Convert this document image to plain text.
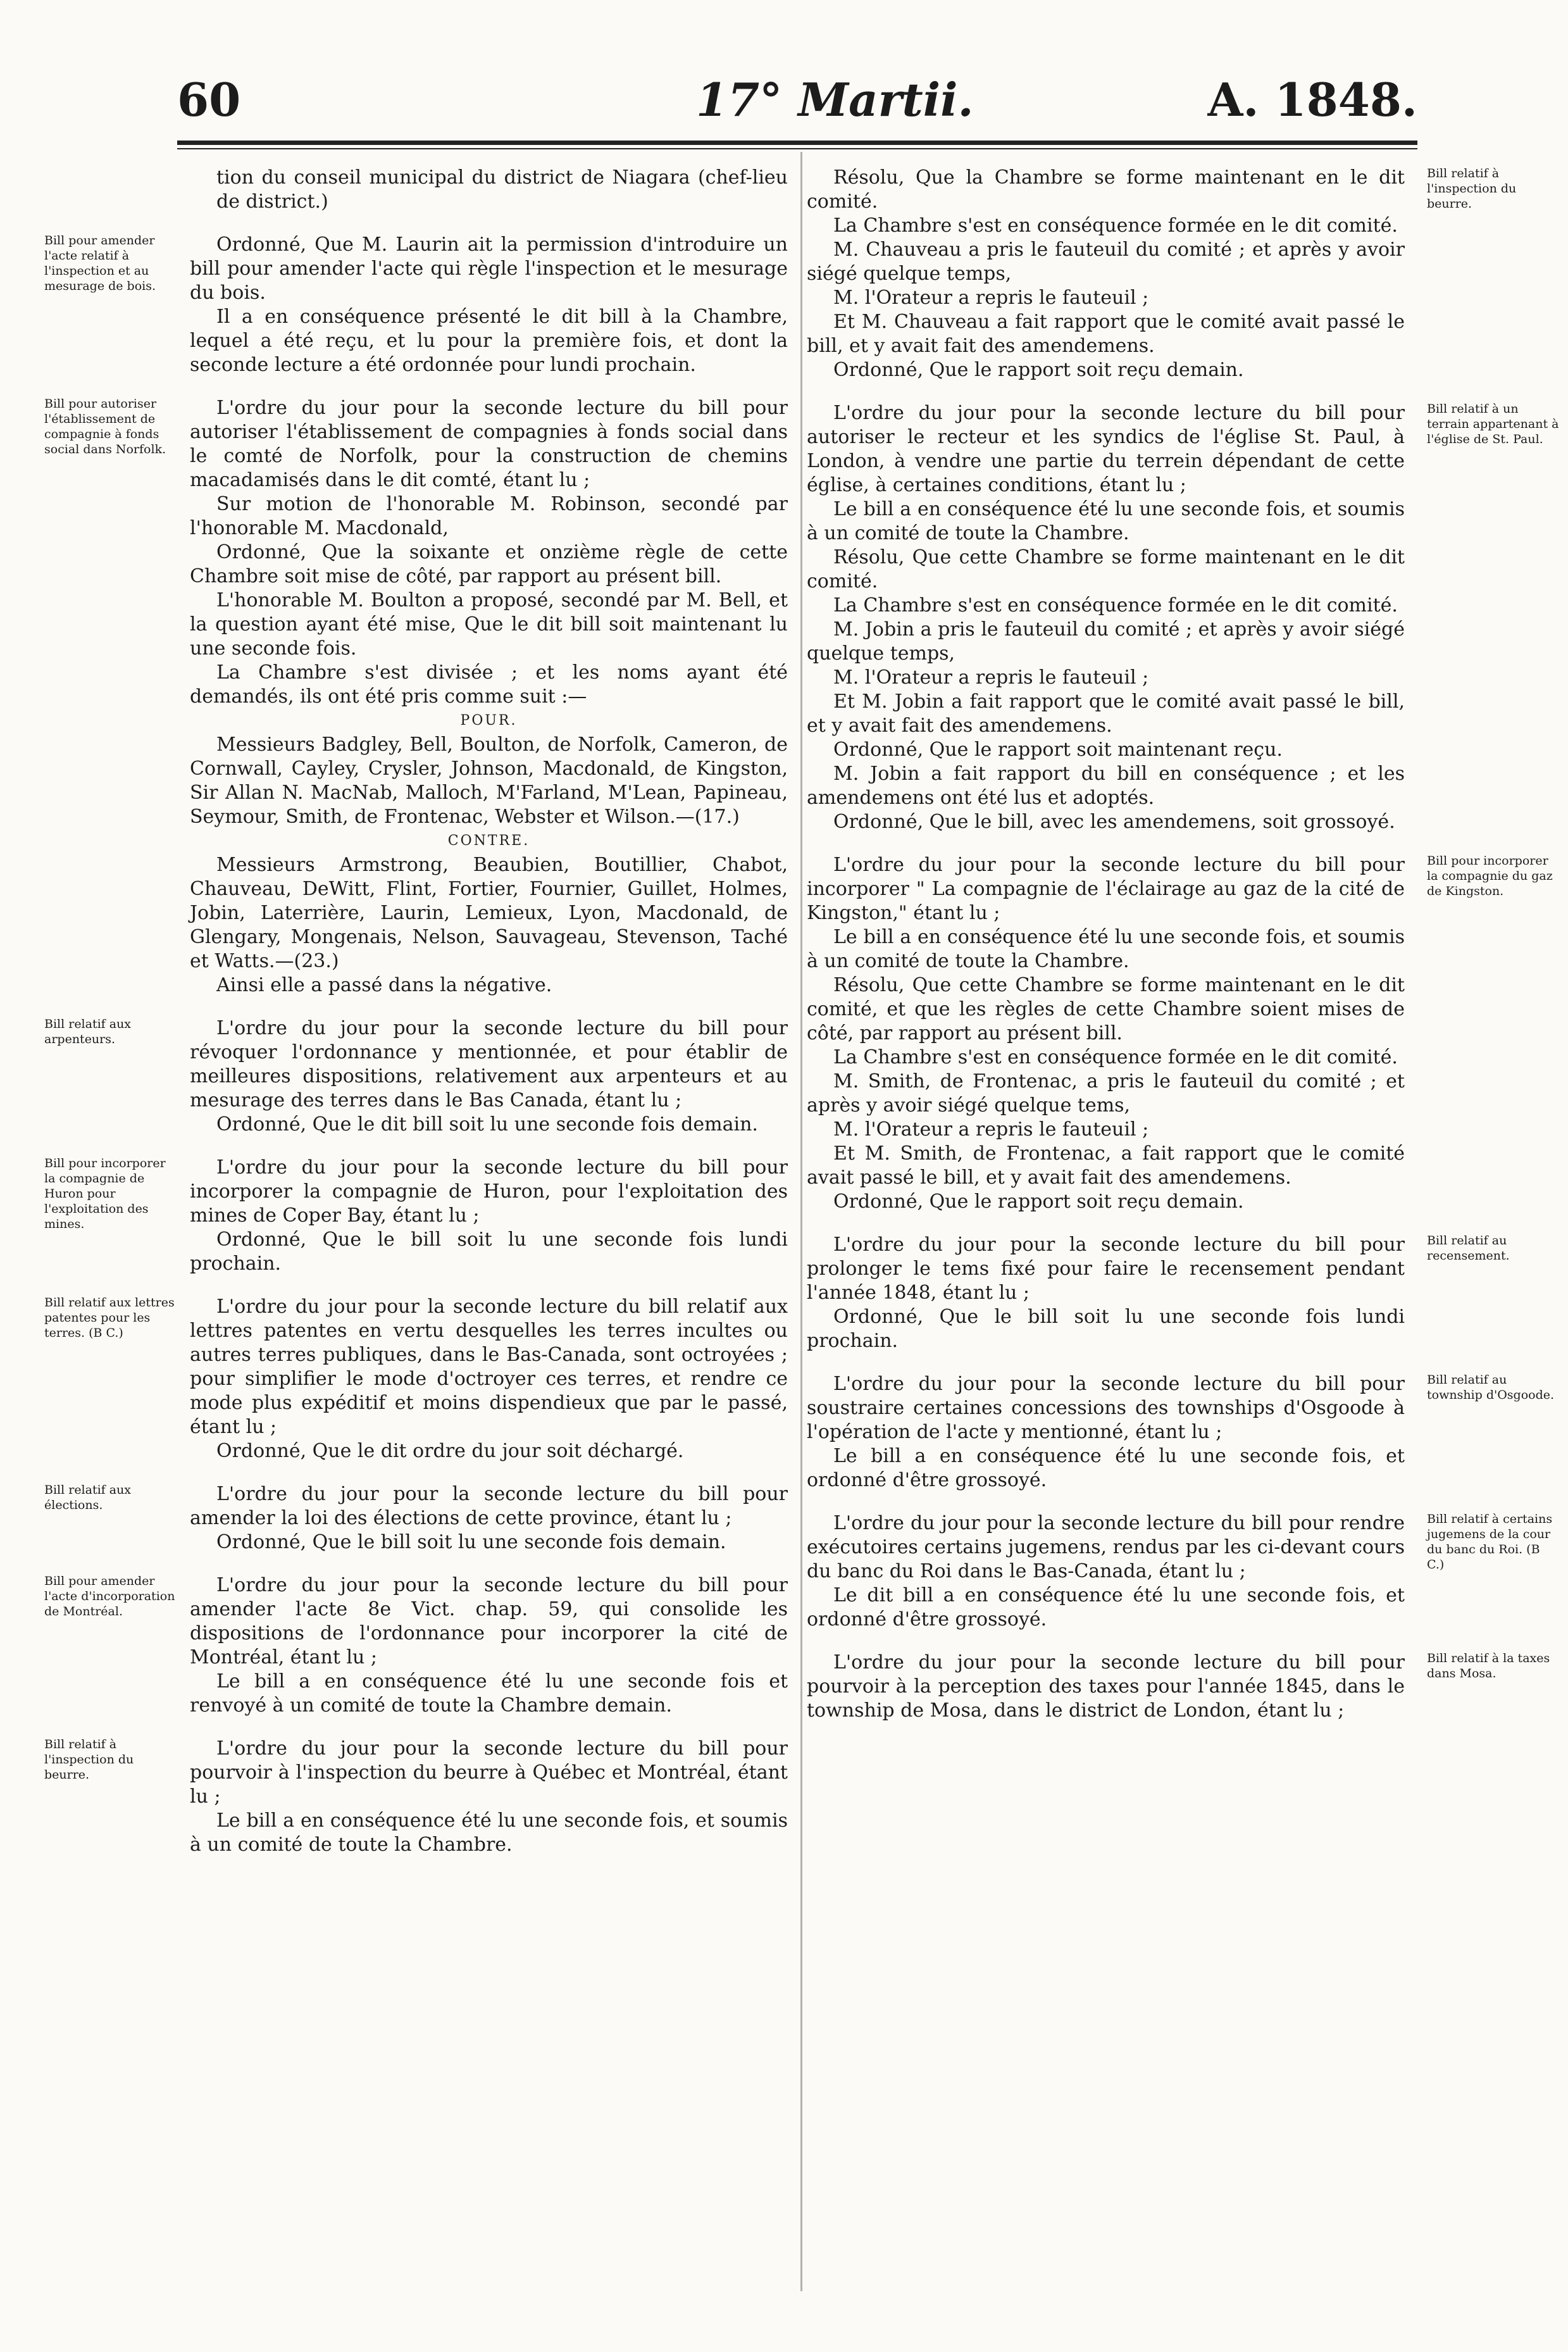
60	17° Martii.	A. 1848.

tion du conseil municipal du district de Niagara (chef-lieu de district.)

Bill pour amender l'acte relatif à l'inspection et au mesurage de bois.

Ordonné, Que M. Laurin ait la permission d'introduire un bill pour amender l'acte qui règle l'inspection et le mesurage du bois.

Il a en conséquence présenté le dit bill à la Chambre, lequel a été reçu, et lu pour la première fois, et dont la seconde lecture a été ordonnée pour lundi prochain.

Bill pour autoriser l'établissement de compagnie à fonds social dans Norfolk.

L'ordre du jour pour la seconde lecture du bill pour autoriser l'établissement de compagnies à fonds social dans le comté de Norfolk, pour la construction de chemins macadamisés dans le dit comté, étant lu ;

Sur motion de l'honorable M. Robinson, secondé par l'honorable M. Macdonald,

Ordonné, Que la soixante et onzième règle de cette Chambre soit mise de côté, par rapport au présent bill.

L'honorable M. Boulton a proposé, secondé par M. Bell, et la question ayant été mise, Que le dit bill soit maintenant lu une seconde fois.

La Chambre s'est divisée ; et les noms ayant été demandés, ils ont été pris comme suit :—

POUR.

Messieurs Badgley, Bell, Boulton, de Norfolk, Cameron, de Cornwall, Cayley, Crysler, Johnson, Macdonald, de Kingston, Sir Allan N. MacNab, Malloch, M'Farland, M'Lean, Papineau, Seymour, Smith, de Frontenac, Webster et Wilson.—(17.)

CONTRE.

Messieurs Armstrong, Beaubien, Boutillier, Chabot, Chauveau, DeWitt, Flint, Fortier, Fournier, Guillet, Holmes, Jobin, Laterrière, Laurin, Lemieux, Lyon, Macdonald, de Glengary, Mongenais, Nelson, Sauvageau, Stevenson, Taché et Watts.—(23.)

Ainsi elle a passé dans la négative.

Bill relatif aux arpenteurs.	L'ordre du jour pour la seconde lecture du bill pour révoquer l'ordonnance y mentionnée, et pour établir de meilleures dispositions, relativement aux arpenteurs et au mesurage des terres dans le Bas Canada, étant lu ;

Ordonné, Que le dit bill soit lu une seconde fois demain.

Bill pour incorporer la compagnie de Huron pour l'exploitation des mines.

L'ordre du jour pour la seconde lecture du bill pour incorporer la compagnie de Huron, pour l'exploitation des mines de Coper Bay, étant lu ;

Ordonné, Que le bill soit lu une seconde fois lundi prochain.

Bill relatif aux lettres patentes pour les terres. (B C.)

L'ordre du jour pour la seconde lecture du bill relatif aux lettres patentes en vertu desquelles les terres incultes ou autres terres publiques, dans le Bas-Canada, sont octroyées ; pour simplifier le mode d'octroyer ces terres, et rendre ce mode plus expéditif et moins dispendieux que par le passé, étant lu ;

Ordonné, Que le dit ordre du jour soit déchargé.

Bill relatif aux élections.	L'ordre du jour pour la seconde lecture du bill pour amender la loi des élections de cette province, étant lu ;

Ordonné, Que le bill soit lu une seconde fois demain.

Bill pour amender l'acte d'incorporation de Montréal.

L'ordre du jour pour la seconde lecture du bill pour amender l'acte 8e Vict. chap. 59, qui consolide les dispositions de l'ordonnance pour incorporer la cité de Montréal, étant lu ;

Le bill a en conséquence été lu une seconde fois et renvoyé à un comité de toute la Chambre demain.

Bill relatif à l'inspection du beurre.

L'ordre du jour pour la seconde lecture du bill pour pourvoir à l'inspection du beurre à Québec et Montréal, étant lu ;

Le bill a en conséquence été lu une seconde fois, et soumis à un comité de toute la Chambre.

Bill relatif à l'inspection du beurre.

Résolu, Que la Chambre se forme maintenant en le dit comité.

La Chambre s'est en conséquence formée en le dit comité.

M. Chauveau a pris le fauteuil du comité ; et après y avoir siégé quelque temps,

M. l'Orateur a repris le fauteuil ;

Et M. Chauveau a fait rapport que le comité avait passé le bill, et y avait fait des amendemens.

Ordonné, Que le rapport soit reçu demain.

Bill relatif à un terrain appartenant à l'église de St. Paul.

L'ordre du jour pour la seconde lecture du bill pour autoriser le recteur et les syndics de l'église St. Paul, à London, à vendre une partie du terrein dépendant de cette église, à certaines conditions, étant lu ;

Le bill a en conséquence été lu une seconde fois, et soumis à un comité de toute la Chambre.

Résolu, Que cette Chambre se forme maintenant en le dit comité.

La Chambre s'est en conséquence formée en le dit comité.

M. Jobin a pris le fauteuil du comité ; et après y avoir siégé quelque temps,

M. l'Orateur a repris le fauteuil ;

Et M. Jobin a fait rapport que le comité avait passé le bill, et y avait fait des amendemens.

Ordonné, Que le rapport soit maintenant reçu.

M. Jobin a fait rapport du bill en conséquence ; et les amendemens ont été lus et adoptés.

Ordonné, Que le bill, avec les amendemens, soit grossoyé.

Bill pour incorporer la compagnie du gaz de Kingston.

L'ordre du jour pour la seconde lecture du bill pour incorporer " La compagnie de l'éclairage au gaz de la cité de Kingston," étant lu ;

Le bill a en conséquence été lu une seconde fois, et soumis à un comité de toute la Chambre.

Résolu, Que cette Chambre se forme maintenant en le dit comité, et que les règles de cette Chambre soient mises de côté, par rapport au présent bill.

La Chambre s'est en conséquence formée en le dit comité.

M. Smith, de Frontenac, a pris le fauteuil du comité ; et après y avoir siégé quelque tems,

M. l'Orateur a repris le fauteuil ;

Et M. Smith, de Frontenac, a fait rapport que le comité avait passé le bill, et y avait fait des amendemens.

Ordonné, Que le rapport soit reçu demain.

Bill relatif au recensement.

L'ordre du jour pour la seconde lecture du bill pour prolonger le tems fixé pour faire le recensement pendant l'année 1848, étant lu ;

Ordonné, Que le bill soit lu une seconde fois lundi prochain.

Bill relatif au township d'Osgoode.

L'ordre du jour pour la seconde lecture du bill pour soustraire certaines concessions des townships d'Osgoode à l'opération de l'acte y mentionné, étant lu ;

Le bill a en conséquence été lu une seconde fois, et ordonné d'être grossoyé.

Bill relatif à certains jugemens de la cour du banc du Roi. (B C.)

L'ordre du jour pour la seconde lecture du bill pour rendre exécutoires certains jugemens, rendus par les ci-devant cours du banc du Roi dans le Bas-Canada, étant lu ;

Le dit bill a en conséquence été lu une seconde fois, et ordonné d'être grossoyé.

Bill relatif à la taxes dans Mosa.

L'ordre du jour pour la seconde lecture du bill pour pourvoir à la perception des taxes pour l'année 1845, dans le township de Mosa, dans le district de London, étant lu ;
